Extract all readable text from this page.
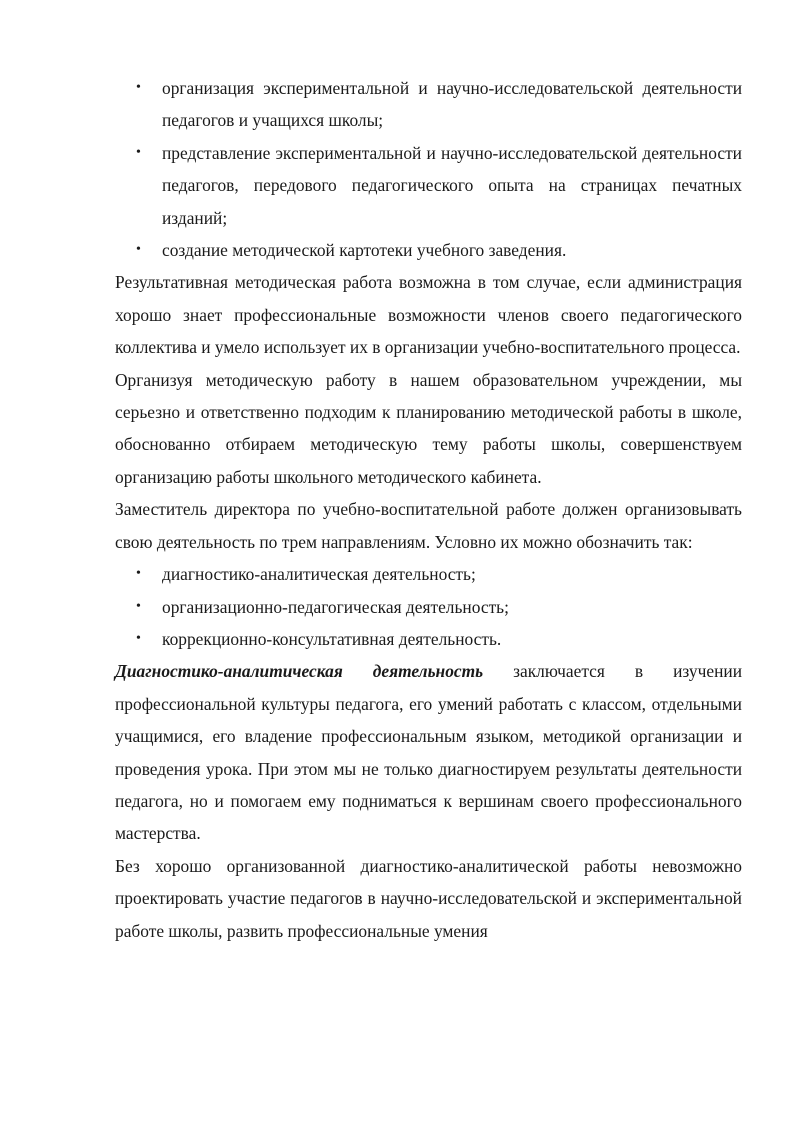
• организация экспериментальной и научно-исследовательской деятельности педагогов и учащихся школы;
• представление экспериментальной и научно-исследовательской деятельности педагогов, передового педагогического опыта на страницах печатных изданий;
• создание методической картотеки учебного заведения.

Результативная методическая работа возможна в том случае, если администрация хорошо знает профессиональные возможности членов своего педагогического коллектива и умело использует их в организации учебно-воспитательного процесса.

Организуя методическую работу в нашем образовательном учреждении, мы серьезно и ответственно подходим к планированию методической работы в школе, обоснованно отбираем методическую тему работы школы, совершенствуем организацию работы школьного методического кабинета.

Заместитель директора по учебно-воспитательной работе должен организовывать свою деятельность по трем направлениям. Условно их можно обозначить так:

• диагностико-аналитическая деятельность;
• организационно-педагогическая деятельность;
• коррекционно-консультативная деятельность.

Диагностико-аналитическая деятельность заключается в изучении профессиональной культуры педагога, его умений работать с классом, отдельными учащимися, его владение профессиональным языком, методикой организации и проведения урока. При этом мы не только диагностируем результаты деятельности педагога, но и помогаем ему подниматься к вершинам своего профессионального мастерства.

Без хорошо организованной диагностико-аналитической работы невозможно проектировать участие педагогов в научно-исследовательской и экспериментальной работе школы, развить профессиональные умения
